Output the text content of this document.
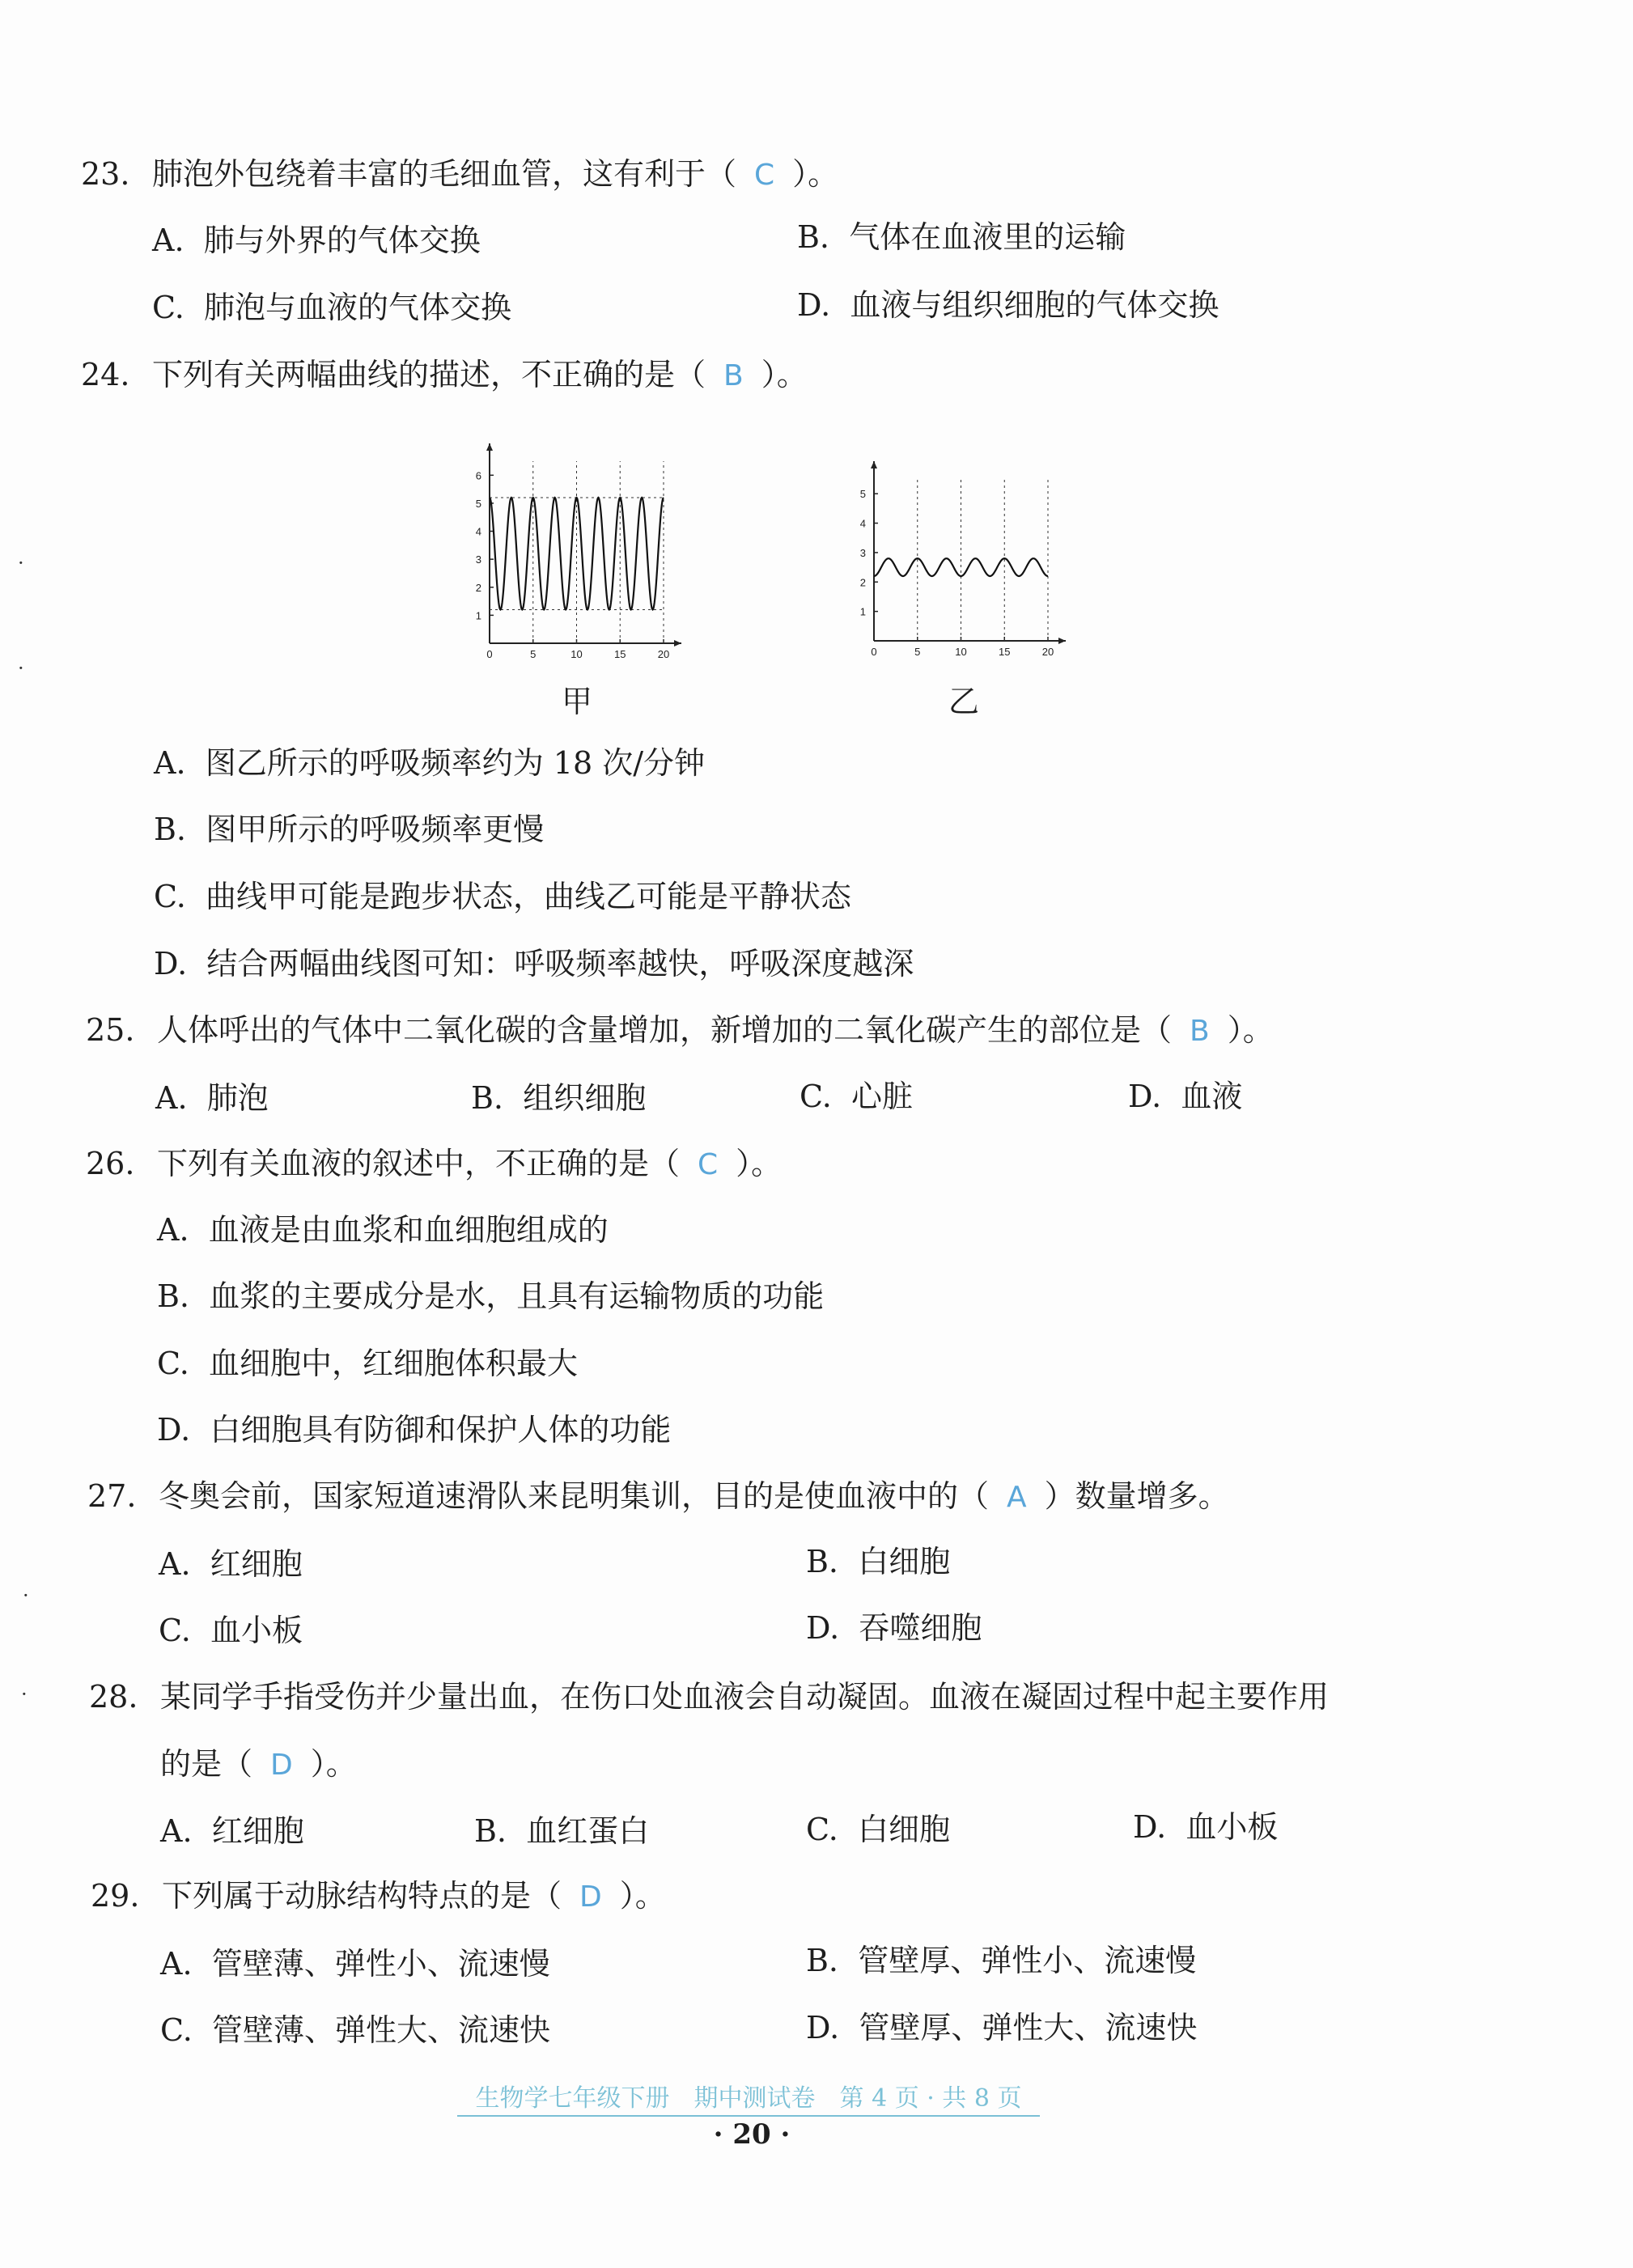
23. 肺泡外包绕着丰富的毛细血管，这有利于（ C ）。
A. 肺与外界的气体交换	B. 气体在血液里的运输
C. 肺泡与血液的气体交换	D. 血液与组织细胞的气体交换
24. 下列有关两幅曲线的描述，不正确的是（ B ）。
0	5	10	15	20
1
2
3
4
5
6
0	5	10	15	20
1
2
3
4
5
甲	乙
A. 图乙所示的呼吸频率约为 18 次/分钟
B. 图甲所示的呼吸频率更慢
C. 曲线甲可能是跑步状态，曲线乙可能是平静状态
D. 结合两幅曲线图可知：呼吸频率越快，呼吸深度越深
25. 人体呼出的气体中二氧化碳的含量增加，新增加的二氧化碳产生的部位是（ B ）。
A. 肺泡	B. 组织细胞	C. 心脏	D. 血液
26. 下列有关血液的叙述中，不正确的是（ C ）。
A. 血液是由血浆和血细胞组成的
B. 血浆的主要成分是水，且具有运输物质的功能
C. 血细胞中，红细胞体积最大
D. 白细胞具有防御和保护人体的功能
27. 冬奥会前，国家短道速滑队来昆明集训，目的是使血液中的（ A ）数量增多。
A. 红细胞	B. 白细胞
C. 血小板	D. 吞噬细胞
28. 某同学手指受伤并少量出血，在伤口处血液会自动凝固。血液在凝固过程中起主要作用
的是（ D ）。
A. 红细胞	B. 血红蛋白	C. 白细胞	D. 血小板
29. 下列属于动脉结构特点的是（ D ）。
A. 管壁薄、弹性小、流速慢	B. 管壁厚、弹性小、流速慢
C. 管壁薄、弹性大、流速快	D. 管壁厚、弹性大、流速快
生物学七年级下册　期中测试卷　第 4 页 · 共 8 页
· 20 ·
·
·
·
·
